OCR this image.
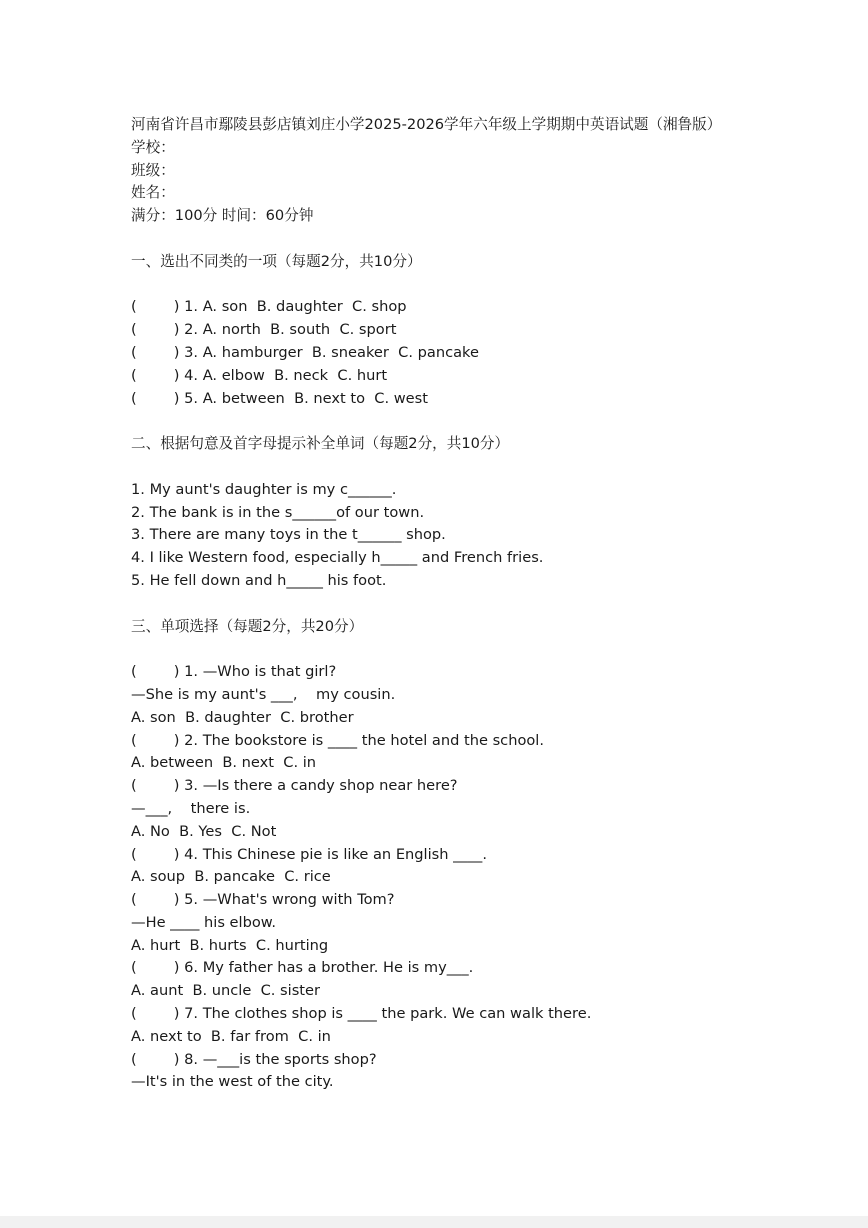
河南省许昌市鄢陵县彭店镇刘庄小学2025-2026学年六年级上学期期中英语试题（湘鲁版）
学校：
班级：
姓名：
满分：100分 时间：60分钟
一、选出不同类的一项（每题2分，共10分）
(        ) 1. A. son  B. daughter  C. shop
(        ) 2. A. north  B. south  C. sport
(        ) 3. A. hamburger  B. sneaker  C. pancake
(        ) 4. A. elbow  B. neck  C. hurt
(        ) 5. A. between  B. next to  C. west
二、根据句意及首字母提示补全单词（每题2分，共10分）
1. My aunt's daughter is my c______.
2. The bank is in the s______of our town.
3. There are many toys in the t______ shop.
4. I like Western food, especially h_____ and French fries.
5. He fell down and h_____ his foot.
三、单项选择（每题2分，共20分）
(        ) 1. —Who is that girl?
—She is my aunt's ___,    my cousin.
A. son  B. daughter  C. brother
(        ) 2. The bookstore is ____ the hotel and the school.
A. between  B. next  C. in
(        ) 3. —Is there a candy shop near here?
—___,    there is.
A. No  B. Yes  C. Not
(        ) 4. This Chinese pie is like an English ____.
A. soup  B. pancake  C. rice
(        ) 5. —What's wrong with Tom?
—He ____ his elbow.
A. hurt  B. hurts  C. hurting
(        ) 6. My father has a brother. He is my___.
A. aunt  B. uncle  C. sister
(        ) 7. The clothes shop is ____ the park. We can walk there.
A. next to  B. far from  C. in
(        ) 8. —___is the sports shop?
—It's in the west of the city.
